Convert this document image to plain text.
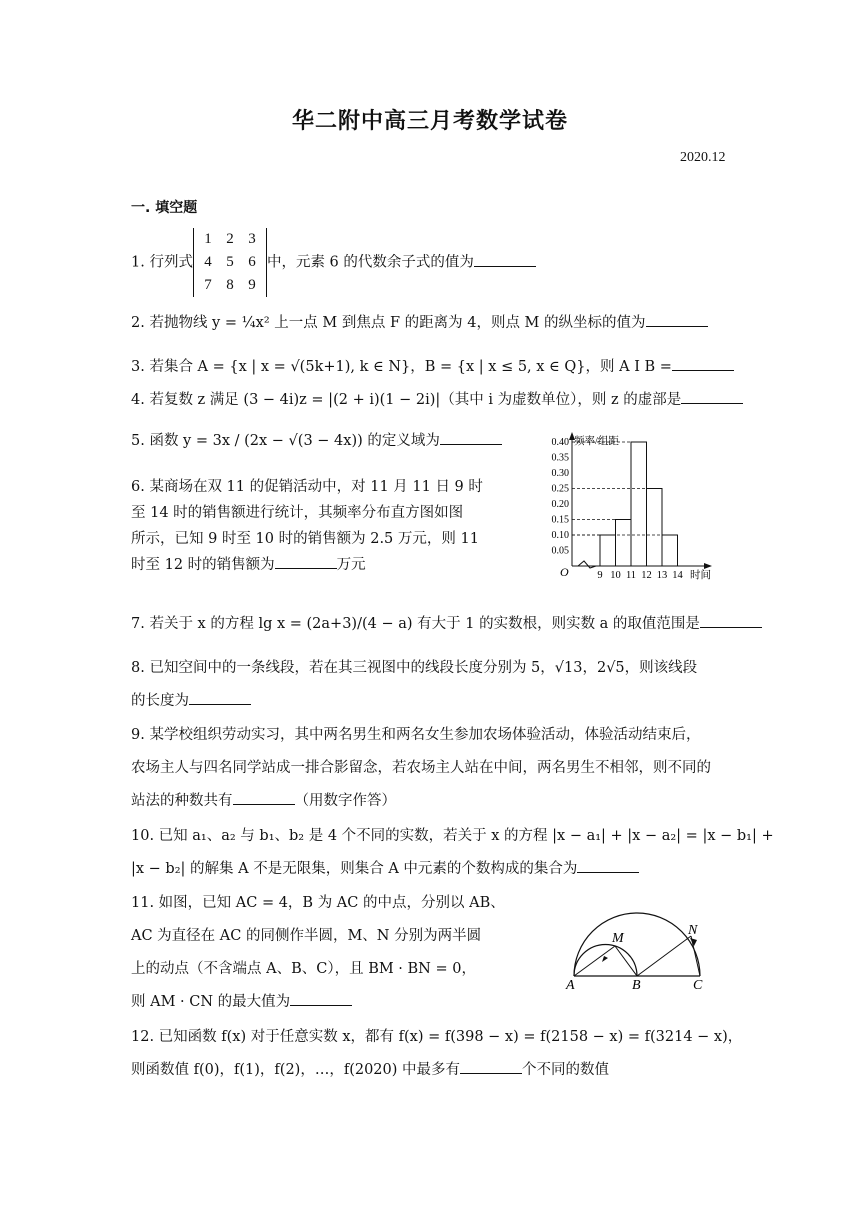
华二附中高三月考数学试卷
2020.12
一. 填空题
1. 行列式
1 2 3
4 5 6
7 8 9
中，元素 6 的代数余子式的值为
2. 若抛物线 y = ¼x² 上一点 M 到焦点 F 的距离为 4，则点 M 的纵坐标的值为
3. 若集合 A = {x | x = √(5k+1), k ∈ N}，B = {x | x ≤ 5, x ∈ Q}，则 A Ⅰ B =
4. 若复数 z 满足 (3 − 4i)z = |(2 + i)(1 − 2i)|（其中 i 为虚数单位），则 z 的虚部是
5. 函数 y = 3x / (2x − √(3 − 4x)) 的定义域为
6. 某商场在双 11 的促销活动中，对 11 月 11 日 9 时
至 14 时的销售额进行统计，其频率分布直方图如图
所示，已知 9 时至 10 时的销售额为 2.5 万元，则 11
时至 12 时的销售额为	万元
0.05
0.10
0.15
0.20
0.25
0.30
0.35
0.40
9 10 11 12 13 14
O
频率/组距
时间
7. 若关于 x 的方程 lg x = (2a+3)/(4 − a) 有大于 1 的实数根，则实数 a 的取值范围是
8. 已知空间中的一条线段，若在其三视图中的线段长度分别为 5，√13，2√5，则该线段
的长度为
9. 某学校组织劳动实习，其中两名男生和两名女生参加农场体验活动，体验活动结束后，
农场主人与四名同学站成一排合影留念，若农场主人站在中间，两名男生不相邻，则不同的
站法的种数共有	（用数字作答）
10. 已知 a₁、a₂ 与 b₁、b₂ 是 4 个不同的实数，若关于 x 的方程 |x − a₁| + |x − a₂| = |x − b₁| +
|x − b₂| 的解集 A 不是无限集，则集合 A 中元素的个数构成的集合为
11. 如图，已知 AC = 4，B 为 AC 的中点，分别以 AB、
AC 为直径在 AC 的同侧作半圆，M、N 分别为两半圆
上的动点（不含端点 A、B、C），且 BM · BN = 0，
则 AM · CN 的最大值为
A	B	C
M
N
12. 已知函数 f(x) 对于任意实数 x，都有 f(x) = f(398 − x) = f(2158 − x) = f(3214 − x)，
则函数值 f(0)，f(1)，f(2)，…，f(2020) 中最多有	个不同的数值
